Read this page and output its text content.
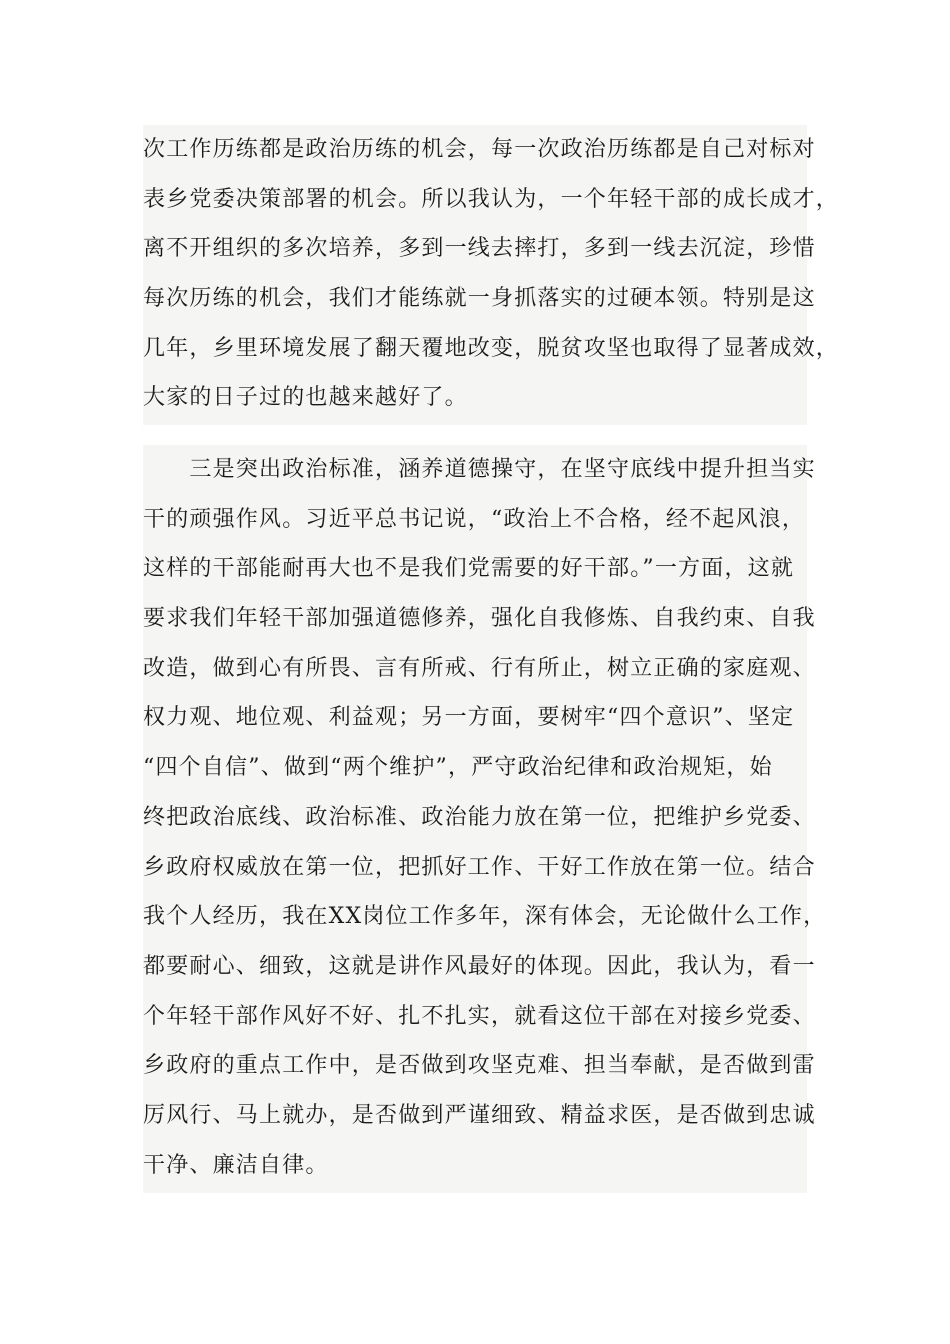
次工作历练都是政治历练的机会，每一次政治历练都是自己对标对
表乡党委决策部署的机会。所以我认为，一个年轻干部的成长成才，
离不开组织的多次培养，多到一线去摔打，多到一线去沉淀，珍惜
每次历练的机会，我们才能练就一身抓落实的过硬本领。特别是这
几年，乡里环境发展了翻天覆地改变，脱贫攻坚也取得了显著成效，
大家的日子过的也越来越好了。
　　三是突出政治标准，涵养道德操守，在坚守底线中提升担当实
干的顽强作风。习近平总书记说，“政治上不合格，经不起风浪，
这样的干部能耐再大也不是我们党需要的好干部。”一方面，这就
要求我们年轻干部加强道德修养，强化自我修炼、自我约束、自我
改造，做到心有所畏、言有所戒、行有所止，树立正确的家庭观、
权力观、地位观、利益观；另一方面，要树牢“四个意识”、坚定
“四个自信”、做到“两个维护”，严守政治纪律和政治规矩，始
终把政治底线、政治标准、政治能力放在第一位，把维护乡党委、
乡政府权威放在第一位，把抓好工作、干好工作放在第一位。结合
我个人经历，我在XX岗位工作多年，深有体会，无论做什么工作，
都要耐心、细致，这就是讲作风最好的体现。因此，我认为，看一
个年轻干部作风好不好、扎不扎实，就看这位干部在对接乡党委、
乡政府的重点工作中，是否做到攻坚克难、担当奉献，是否做到雷
厉风行、马上就办，是否做到严谨细致、精益求医，是否做到忠诚
干净、廉洁自律。
